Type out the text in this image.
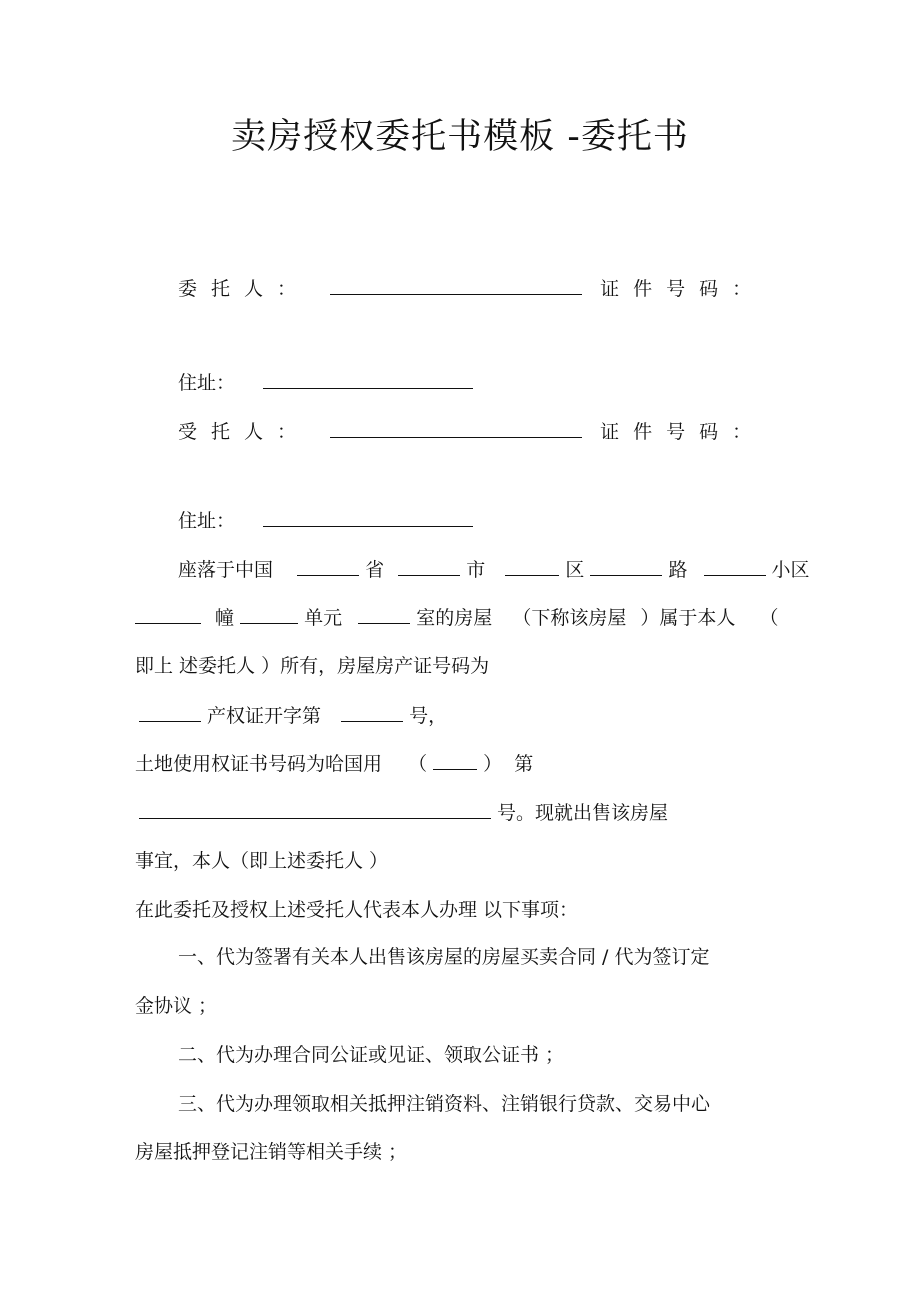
卖房授权委托书模板 -委托书
委托人：	证件号码：
住址：
受托人：	证件号码：
住址：
座落于中国	省	市	区	路	小区
幢	单元	室的房屋 （下称该房屋 ）属于本人 （
即上 述委托人 ）所有，房屋房产证号码为
产权证开字第	号，
土地使用权证书号码为哈国用 （	） 第
号。现就出售该房屋
事宜，本人（即上述委托人 ）
在此委托及授权上述受托人代表本人办理 以下事项：
一、代为签署有关本人出售该房屋的房屋买卖合同 / 代为签订定
金协议 ；
二、代为办理合同公证或见证、领取公证书 ；
三、代为办理领取相关抵押注销资料、注销银行贷款、交易中心
房屋抵押登记注销等相关手续 ；
